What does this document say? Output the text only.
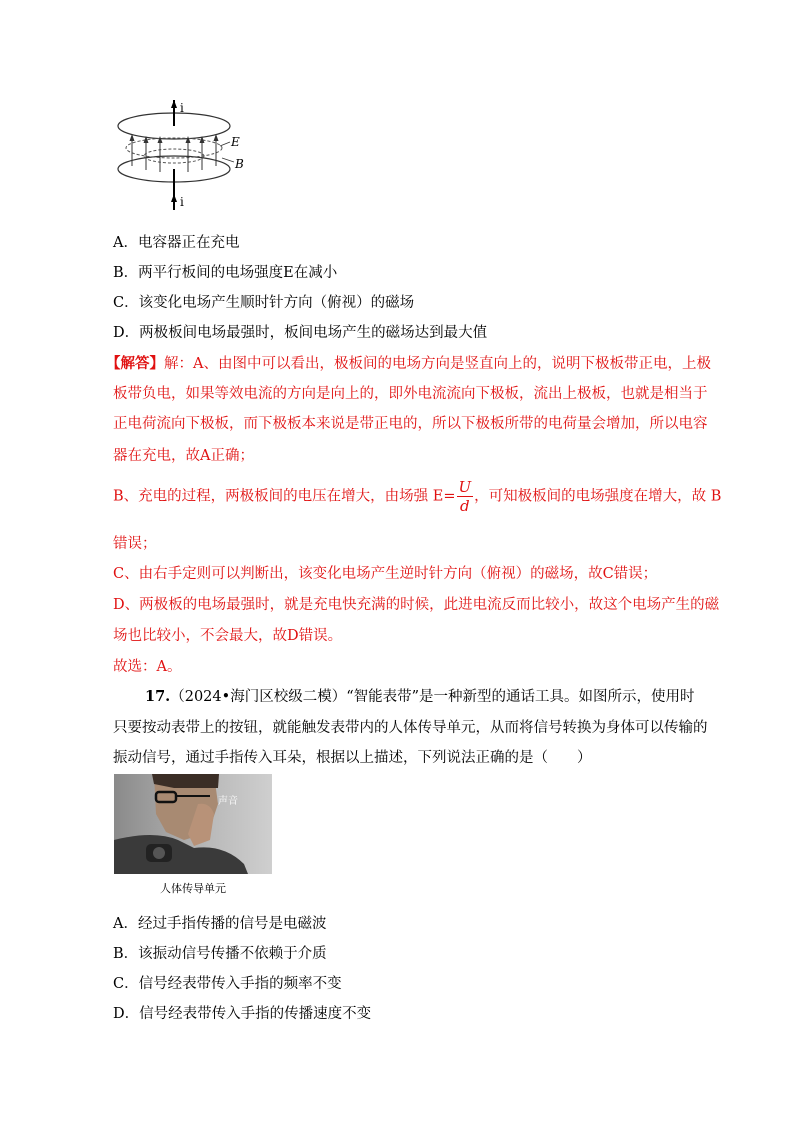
i
i
E
B
A．电容器正在充电
B．两平行板间的电场强度E在减小
C．该变化电场产生顺时针方向（俯视）的磁场
D．两极板间电场最强时，板间电场产生的磁场达到最大值
【解答】解：A、由图中可以看出，极板间的电场方向是竖直向上的，说明下极板带正电，上极
板带负电，如果等效电流的方向是向上的，即外电流流向下极板，流出上极板，也就是相当于
正电荷流向下极板，而下极板本来说是带正电的，所以下极板所带的电荷量会增加，所以电容
器在充电，故A正确；
B、充电的过程，两极板间的电压在增大，由场强 $E= \frac{U}{d}$ ，可知极板间的电场强度在增大，故 B
错误；
C、由右手定则可以判断出，该变化电场产生逆时针方向（俯视）的磁场，故C错误；
D、两极板的电场最强时，就是充电快充满的时候，此进电流反而比较小，故这个电场产生的磁
场也比较小，不会最大，故D错误。
故选：A。
17.（2024•海门区校级二模）“智能表带”是一种新型的通话工具。如图所示，使用时
只要按动表带上的按钮，就能触发表带内的人体传导单元，从而将信号转换为身体可以传输的
振动信号，通过手指传入耳朵，根据以上描述，下列说法正确的是（　　）
声音
人体传导单元
A．经过手指传播的信号是电磁波
B．该振动信号传播不依赖于介质
C．信号经表带传入手指的频率不变
D．信号经表带传入手指的传播速度不变
